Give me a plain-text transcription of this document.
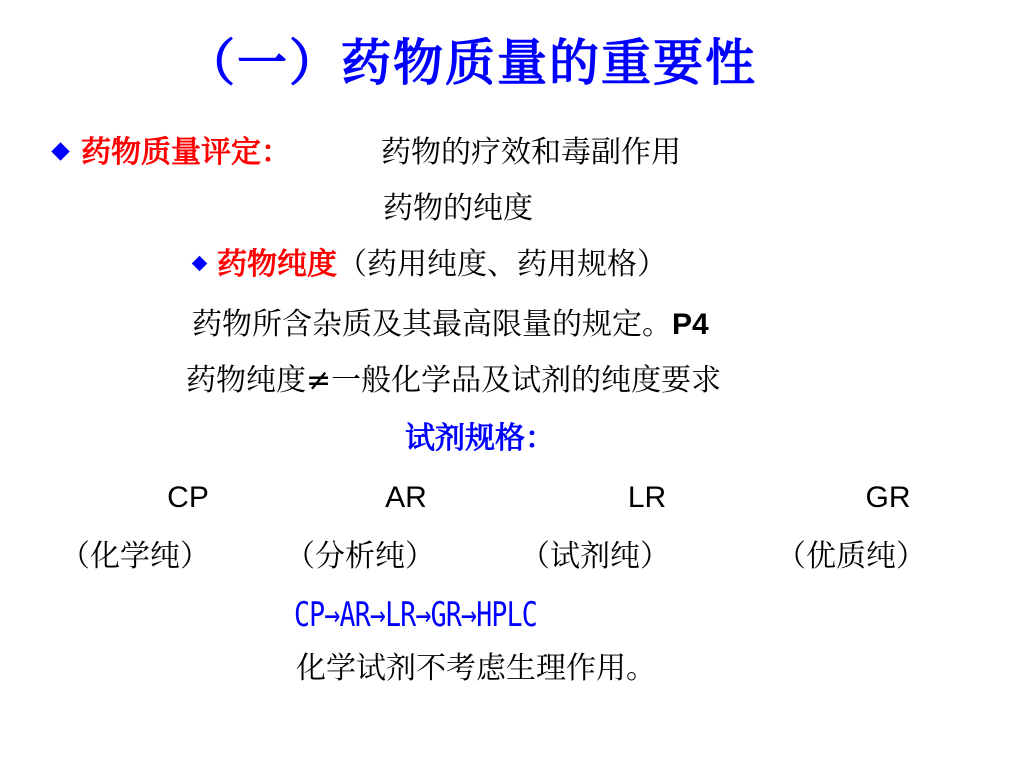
（一）药物质量的重要性
药物质量评定：	药物的疗效和毒副作用
药物的纯度
药物纯度（药用纯度、药用规格）
药物所含杂质及其最高限量的规定。P4
药物纯度≠一般化学品及试剂的纯度要求
试剂规格：
CP	AR	LR	GR
（化学纯）	（分析纯）	（试剂纯）	（优质纯）
CP→AR→LR→GR→HPLC
化学试剂不考虑生理作用。
